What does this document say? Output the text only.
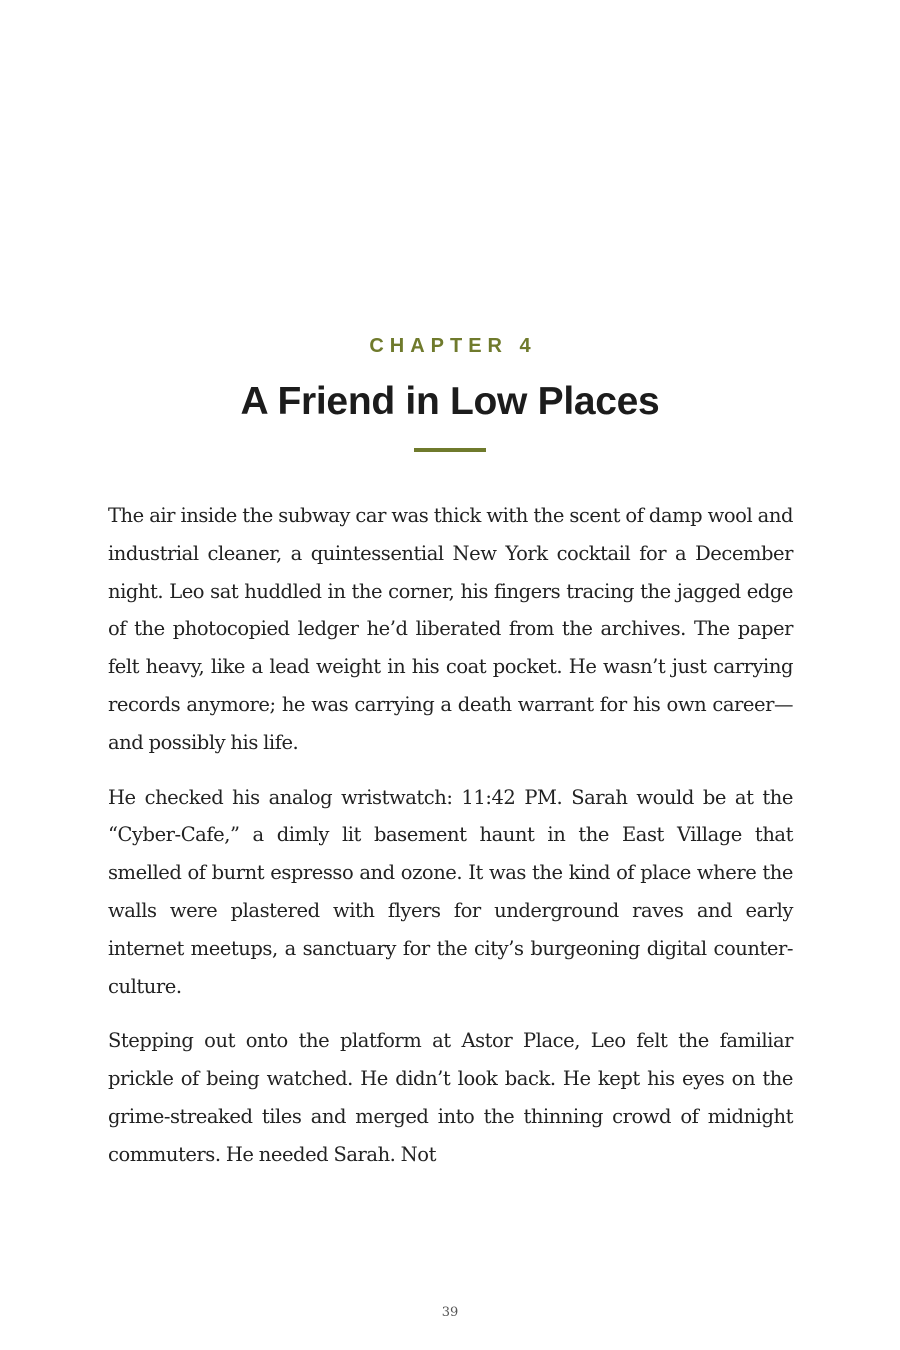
CHAPTER 4
A Friend in Low Places

The air inside the subway car was thick with the scent of damp wool and industrial cleaner, a quintessential New York cocktail for a December night. Leo sat huddled in the corner, his fingers tracing the jagged edge of the photocopied ledger he’d liberated from the archives. The paper felt heavy, like a lead weight in his coat pocket. He wasn’t just carrying records anymore; he was carrying a death warrant for his own career—and possibly his life.

He checked his analog wristwatch: 11:42 PM. Sarah would be at the “Cyber-Cafe,” a dimly lit basement haunt in the East Village that smelled of burnt espresso and ozone. It was the kind of place where the walls were plastered with flyers for underground raves and early internet meetups, a sanctuary for the city’s burgeoning digital counter-culture.

Stepping out onto the platform at Astor Place, Leo felt the familiar prickle of being watched. He didn’t look back. He kept his eyes on the grime-streaked tiles and merged into the thinning crowd of midnight commuters. He needed Sarah. Not

39
